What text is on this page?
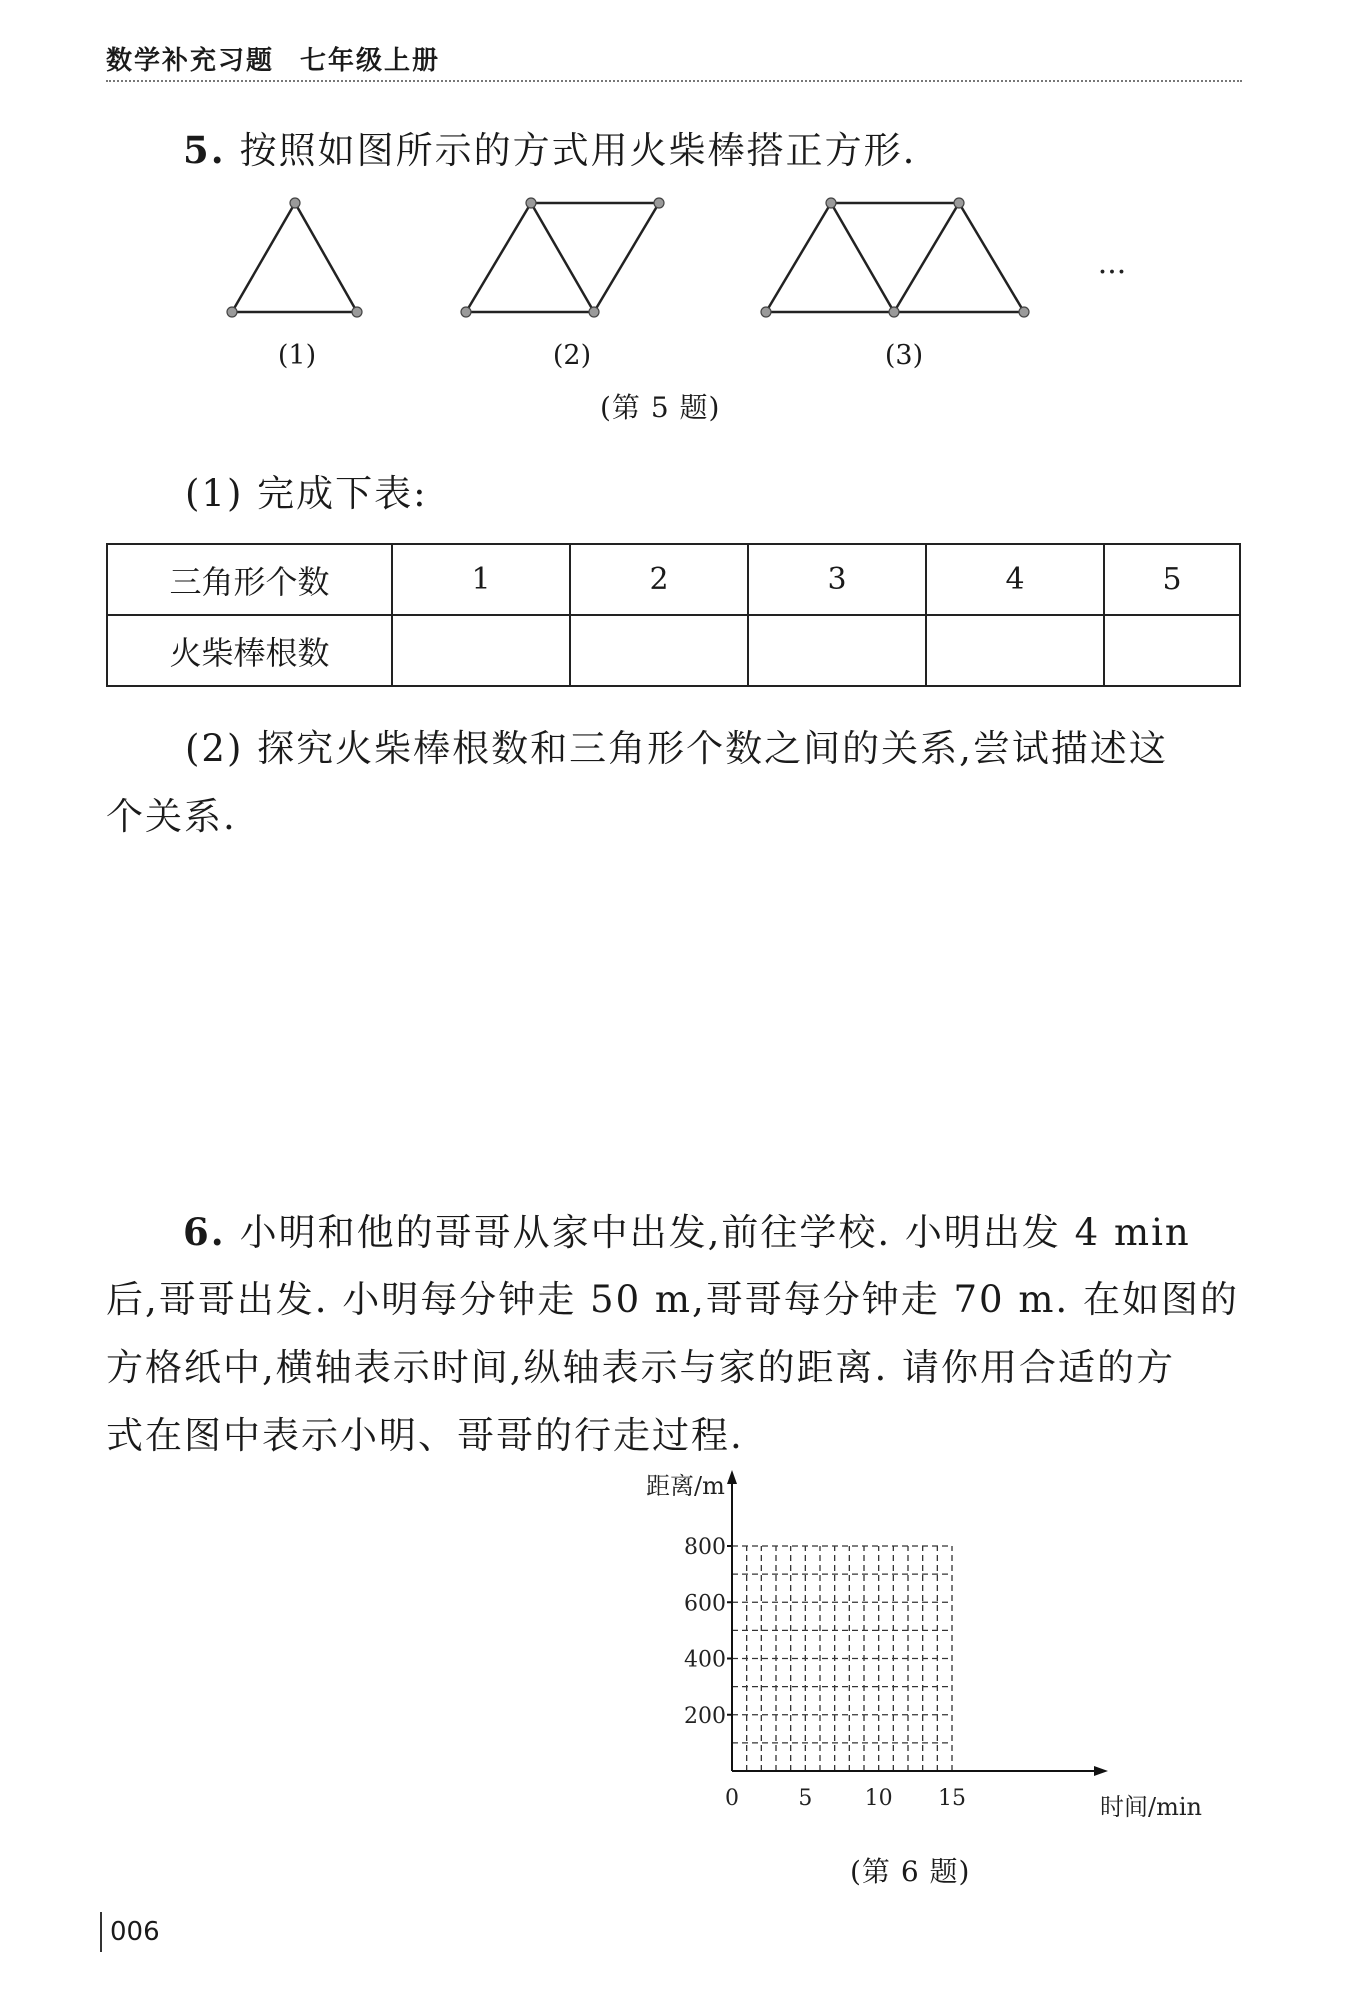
数学补充习题 七年级上册
5. 按照如图所示的方式用火柴棒搭正方形.
···
(1)	(2)	(3)
(第 5 题)
(1) 完成下表:
三角形个数	1	2	3	4	5
火柴棒根数					
(2) 探究火柴棒根数和三角形个数之间的关系,尝试描述这
个关系.
6. 小明和他的哥哥从家中出发,前往学校. 小明出发 4 min
后,哥哥出发. 小明每分钟走 50 m,哥哥每分钟走 70 m. 在如图的
方格纸中,横轴表示时间,纵轴表示与家的距离. 请你用合适的方
式在图中表示小明、哥哥的行走过程.
0	5 10 15
200
400
600
800
距离/m
时间/min
(第 6 题)
006
